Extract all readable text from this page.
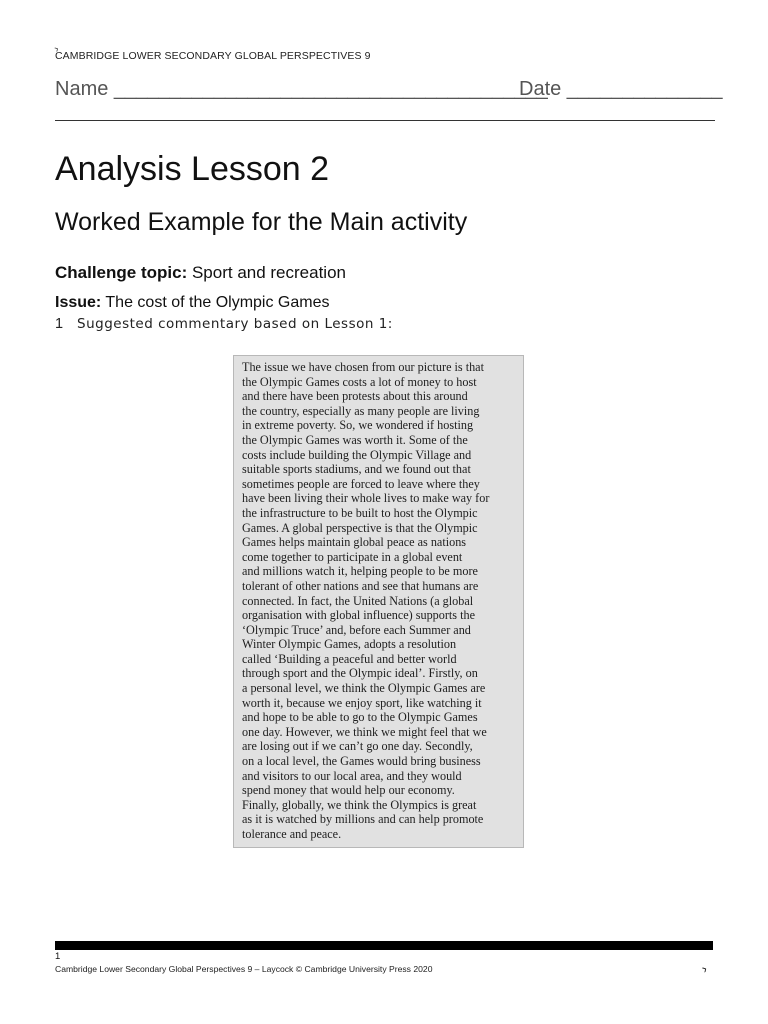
›
CAMBRIDGE LOWER SECONDARY GLOBAL PERSPECTIVES 9
Name _______________________________________
Date ______________
Analysis Lesson 2
Worked Example for the Main activity
Challenge topic: Sport and recreation
Issue: The cost of the Olympic Games
1 Suggested commentary based on Lesson 1:
The issue we have chosen from our picture is that
the Olympic Games costs a lot of money to host
and there have been protests about this around
the country, especially as many people are living
in extreme poverty. So, we wondered if hosting
the Olympic Games was worth it. Some of the
costs include building the Olympic Village and
suitable sports stadiums, and we found out that
sometimes people are forced to leave where they
have been living their whole lives to make way for
the infrastructure to be built to host the Olympic
Games. A global perspective is that the Olympic
Games helps maintain global peace as nations
come together to participate in a global event
and millions watch it, helping people to be more
tolerant of other nations and see that humans are
connected. In fact, the United Nations (a global
organisation with global influence) supports the
‘Olympic Truce’ and, before each Summer and
Winter Olympic Games, adopts a resolution
called ‘Building a peaceful and better world
through sport and the Olympic ideal’. Firstly, on
a personal level, we think the Olympic Games are
worth it, because we enjoy sport, like watching it
and hope to be able to go to the Olympic Games
one day. However, we think we might feel that we
are losing out if we can’t go one day. Secondly,
on a local level, the Games would bring business
and visitors to our local area, and they would
spend money that would help our economy.
Finally, globally, we think the Olympics is great
as it is watched by millions and can help promote
tolerance and peace.
1
Cambridge Lower Secondary Global Perspectives 9 – Laycock © Cambridge University Press 2020	›
